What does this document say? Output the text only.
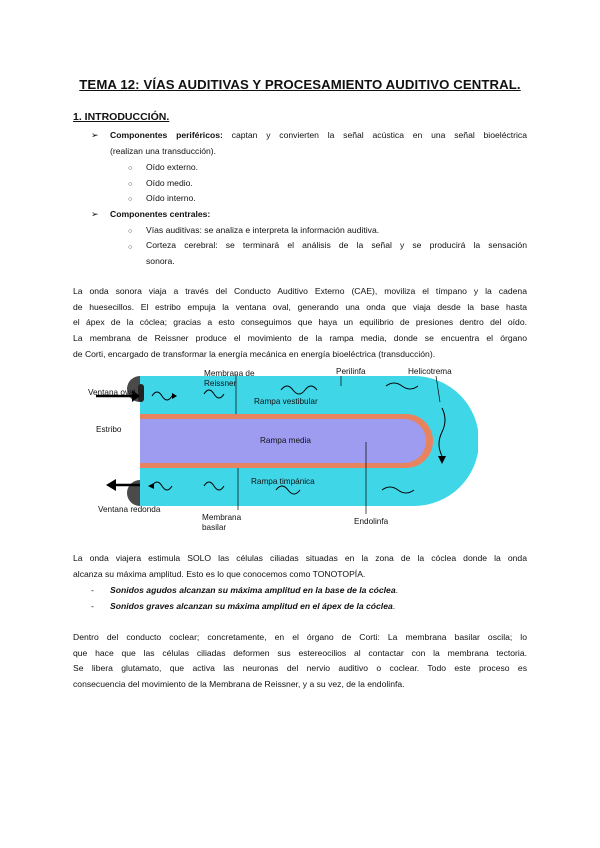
TEMA 12: VÍAS AUDITIVAS Y PROCESAMIENTO AUDITIVO CENTRAL.
1. INTRODUCCIÓN.
➢ Componentes periféricos: captan y convierten la señal acústica en una señal bioeléctrica
(realizan una transducción).
○ Oído externo.
○ Oído medio.
○ Oído interno.
➢ Componentes centrales:
○ Vías auditivas: se analiza e interpreta la información auditiva.
○ Corteza cerebral: se terminará el análisis de la señal y se producirá la sensación
sonora.
La onda sonora viaja a través del Conducto Auditivo Externo (CAE), moviliza el tímpano y la cadena
de huesecillos. El estribo empuja la ventana oval, generando una onda que viaja desde la base hasta
el ápex de la cóclea; gracias a esto conseguimos que haya un equilibrio de presiones dentro del oído.
La membrana de Reissner produce el movimiento de la rampa media, donde se encuentra el órgano
de Corti, encargado de transformar la energía mecánica en energía bioeléctrica (transducción).
Membrana de
Reissner
Perilinfa	Helicotrema
Ventana oval
Estribo
Rampa vestibular
Rampa media
Rampa timpánica
Ventana redonda
Membrana
basilar
Endolinfa
La onda viajera estimula SOLO las células ciliadas situadas en la zona de la cóclea donde la onda
alcanza su máxima amplitud. Esto es lo que conocemos como TONOTOPÍA.
- Sonidos agudos alcanzan su máxima amplitud en la base de la cóclea.
- Sonidos graves alcanzan su máxima amplitud en el ápex de la cóclea.
Dentro del conducto coclear; concretamente, en el órgano de Corti: La membrana basilar oscila; lo
que hace que las células ciliadas deformen sus estereocilios al contactar con la membrana tectoria.
Se libera glutamato, que activa las neuronas del nervio auditivo o coclear. Todo este proceso es
consecuencia del movimiento de la Membrana de Reissner, y a su vez, de la endolinfa.
